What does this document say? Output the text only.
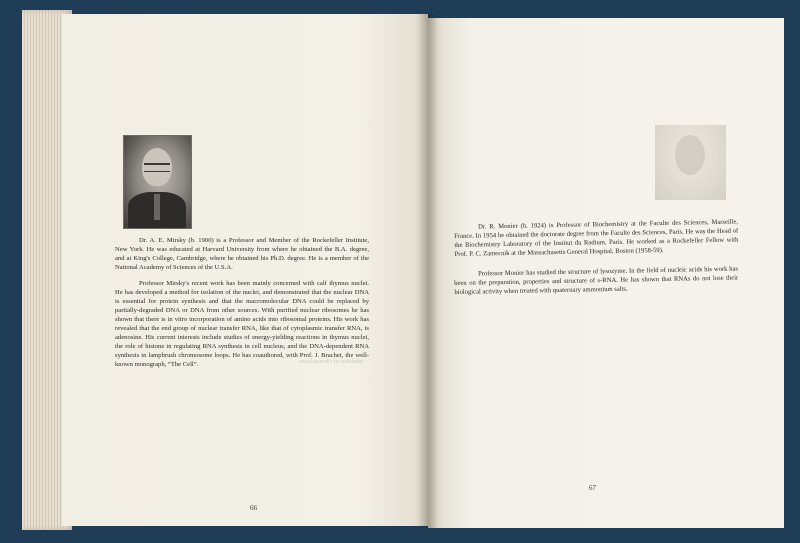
Dr. A. E. Mirsky (b. 1900) is a Professor and Member of the Rockefeller Institute, New York. He was educated at Harvard University from where he obtained the B.A. degree, and at King's College, Cambridge, where he obtained his Ph.D. degree. He is a member of the National Academy of Sciences of the U.S.A.

Professor Mirsky's recent work has been mainly concerned with calf thymus nuclei. He has developed a method for isolation of the nuclei, and demonstrated that the nuclear DNA is essential for protein synthesis and that the macromolecular DNA could be replaced by partially-degraded DNA or DNA from other sources. With purified nuclear ribosomes he has shown that there is in vitro incorporation of amino acids into ribosomal proteins. His work has revealed that the end group of nuclear transfer RNA, like that of cytoplasmic transfer RNA, is adenosine. His current interests include studies of energy-yielding reactions in thymus nuclei, the role of histone in regulating RNA synthesis in cell nucleus, and the DNA-dependent RNA synthesis in lampbrush chromosome loops. He has coauthored, with Prof. J. Brachet, the well-known monograph, “The Cell”.	inhibitor of ribonuclease

Dr. R. Monier (b. 1924) is Professor of Biochemistry at the Faculte des Sciences, Marseille, France. In 1954 he obtained the doctorate degree from the Faculte des Sciences, Paris. He was the Head of the Biochemistry Laboratory of the Institut du Radium, Paris. He worked as a Rockefeller Fellow with Prof. P. C. Zamecnik at the Massachusetts General Hospital, Boston (1958-59).

Professor Monier has studied the structure of lysozyme. In the field of nucleic acids his work has been on the preparation, properties and structure of s-RNA. He has shown that RNAs do not lose their biological activity when treated with quaternary ammonium salts.

66
67
